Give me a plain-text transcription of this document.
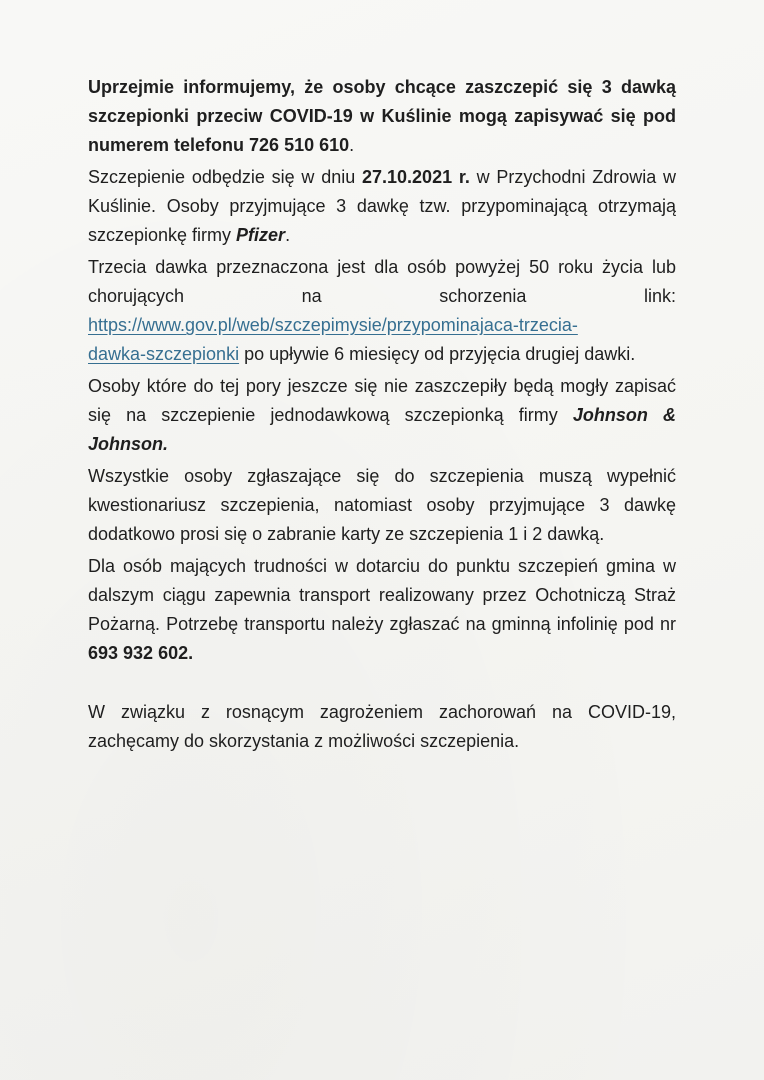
Uprzejmie informujemy, że osoby chcące zaszczepić się 3 dawką szczepionki przeciw COVID-19 w Kuślinie mogą zapisywać się pod numerem telefonu 726 510 610.

Szczepienie odbędzie się w dniu 27.10.2021 r. w Przychodni Zdrowia w Kuślinie. Osoby przyjmujące 3 dawkę tzw. przypominającą otrzymają szczepionkę firmy Pfizer.

Trzecia dawka przeznaczona jest dla osób powyżej 50 roku życia lub chorujących na schorzenia link: https://www.gov.pl/web/szczepimysie/przypominajaca-trzecia-dawka-szczepionki po upływie 6 miesięcy od przyjęcia drugiej dawki.

Osoby które do tej pory jeszcze się nie zaszczepiły będą mogły zapisać się na szczepienie jednodawkową szczepionką firmy Johnson & Johnson.

Wszystkie osoby zgłaszające się do szczepienia muszą wypełnić kwestionariusz szczepienia, natomiast osoby przyjmujące 3 dawkę dodatkowo prosi się o zabranie karty ze szczepienia 1 i 2 dawką.

Dla osób mających trudności w dotarciu do punktu szczepień gmina w dalszym ciągu zapewnia transport realizowany przez Ochotniczą Straż Pożarną. Potrzebę transportu należy zgłaszać na gminną infolinię pod nr 693 932 602.

W związku z rosnącym zagrożeniem zachorowań na COVID-19, zachęcamy do skorzystania z możliwości szczepienia.
